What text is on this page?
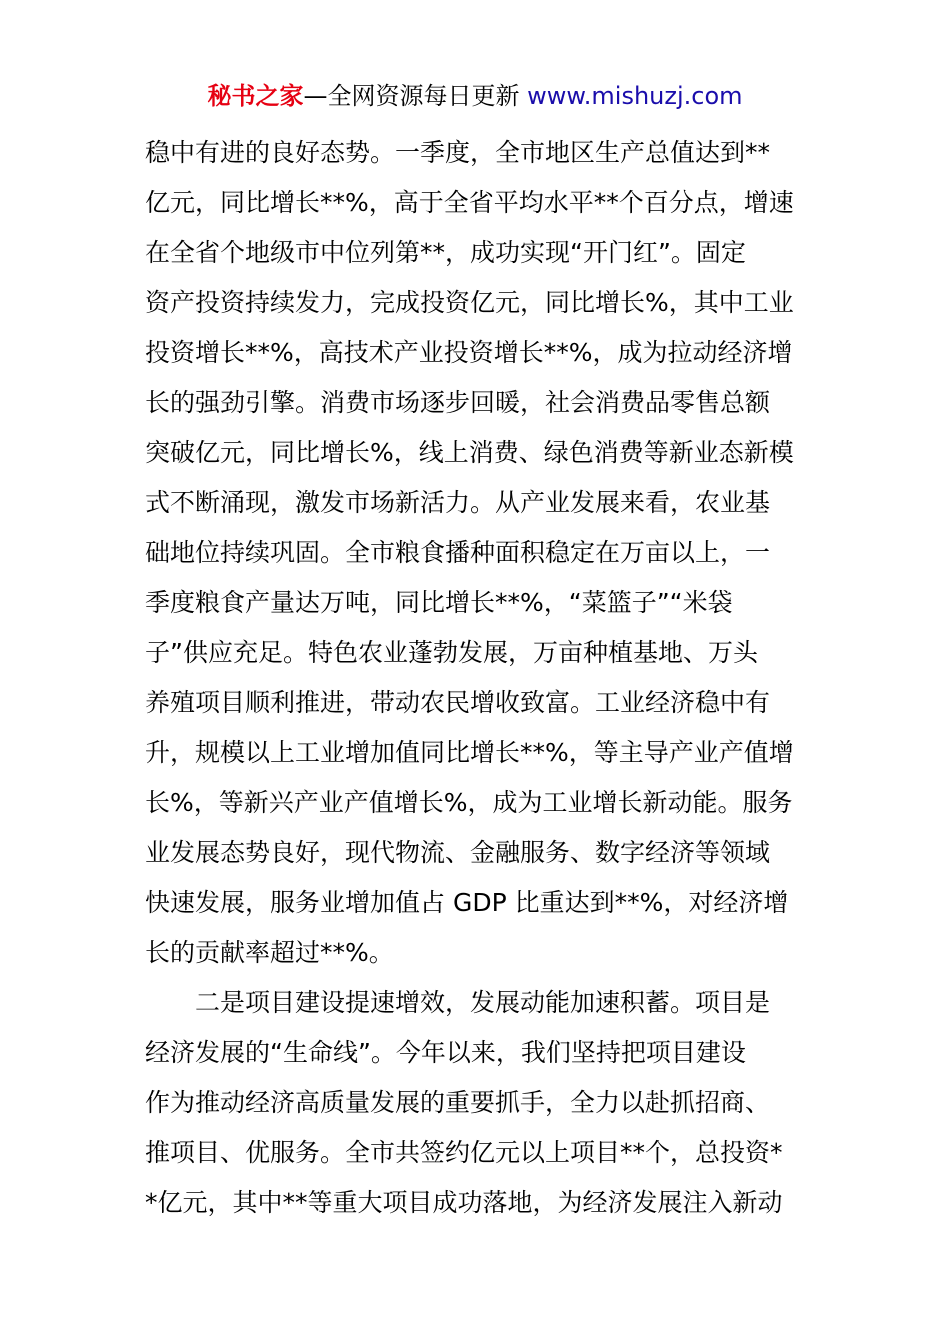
秘书之家—全网资源每日更新 www.mishuzj.com
稳中有进的良好态势。一季度，全市地区生产总值达到**
亿元，同比增长**%，高于全省平均水平**个百分点，增速
在全省个地级市中位列第**，成功实现“开门红”。固定
资产投资持续发力，完成投资亿元，同比增长%，其中工业
投资增长**%，高技术产业投资增长**%，成为拉动经济增
长的强劲引擎。消费市场逐步回暖，社会消费品零售总额
突破亿元，同比增长%，线上消费、绿色消费等新业态新模
式不断涌现，激发市场新活力。从产业发展来看，农业基
础地位持续巩固。全市粮食播种面积稳定在万亩以上，一
季度粮食产量达万吨，同比增长**%，“菜篮子”“米袋
子”供应充足。特色农业蓬勃发展，万亩种植基地、万头
养殖项目顺利推进，带动农民增收致富。工业经济稳中有
升，规模以上工业增加值同比增长**%，等主导产业产值增
长%，等新兴产业产值增长%，成为工业增长新动能。服务
业发展态势良好，现代物流、金融服务、数字经济等领域
快速发展，服务业增加值占 GDP 比重达到**%，对经济增
长的贡献率超过**%。
二是项目建设提速增效，发展动能加速积蓄。项目是
经济发展的“生命线”。今年以来，我们坚持把项目建设
作为推动经济高质量发展的重要抓手，全力以赴抓招商、
推项目、优服务。全市共签约亿元以上项目**个，总投资*
*亿元，其中**等重大项目成功落地，为经济发展注入新动
